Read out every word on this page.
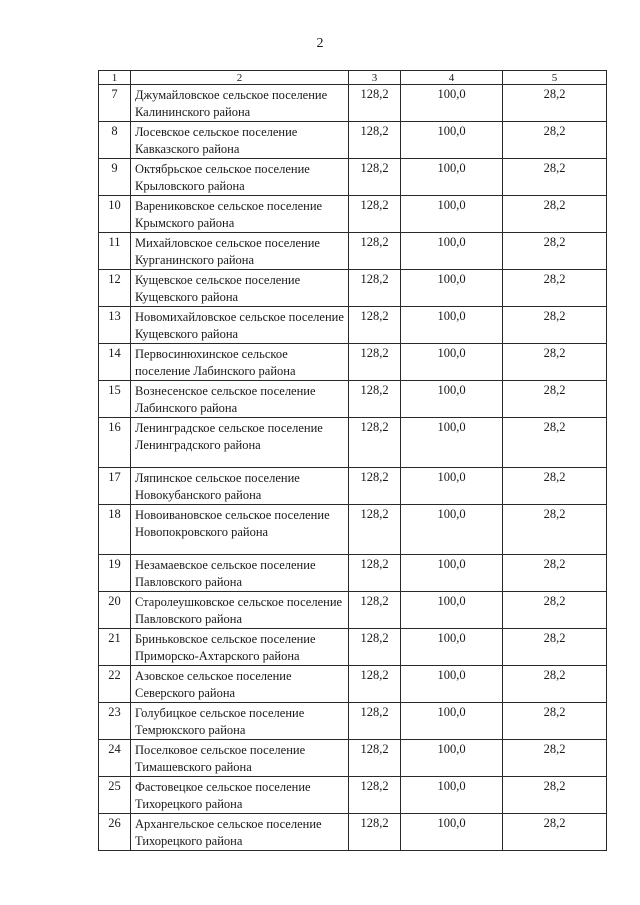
2
1	2	3	4	5
7	Джумайловское сельское поселение Калининского района	128,2	100,0	28,2
8	Лосевское сельское поселение Кавказского района	128,2	100,0	28,2
9	Октябрьское сельское поселение Крыловского района	128,2	100,0	28,2
10	Варениковское сельское поселение Крымского района	128,2	100,0	28,2
11	Михайловское сельское поселение Курганинского района	128,2	100,0	28,2
12	Кущевское сельское поселение Кущевского района	128,2	100,0	28,2
13	Новомихайловское сельское поселение Кущевского района	128,2	100,0	28,2
14	Первосинюхинское сельское поселение Лабинского района	128,2	100,0	28,2
15	Вознесенское сельское поселение Лабинского района	128,2	100,0	28,2
16	Ленинградское сельское поселение Ленинградского района	128,2	100,0	28,2
17	Ляпинское сельское поселение Новокубанского района	128,2	100,0	28,2
18	Новоивановское сельское поселение Новопокровского района	128,2	100,0	28,2
19	Незамаевское сельское поселение Павловского района	128,2	100,0	28,2
20	Старолеушковское сельское поселение Павловского района	128,2	100,0	28,2
21	Бриньковское сельское поселение Приморско-Ахтарского района	128,2	100,0	28,2
22	Азовское сельское поселение Северского района	128,2	100,0	28,2
23	Голубицкое сельское поселение Темрюкского района	128,2	100,0	28,2
24	Поселковое сельское поселение Тимашевского района	128,2	100,0	28,2
25	Фастовецкое сельское поселение Тихорецкого района	128,2	100,0	28,2
26	Архангельское сельское поселение Тихорецкого района	128,2	100,0	28,2
